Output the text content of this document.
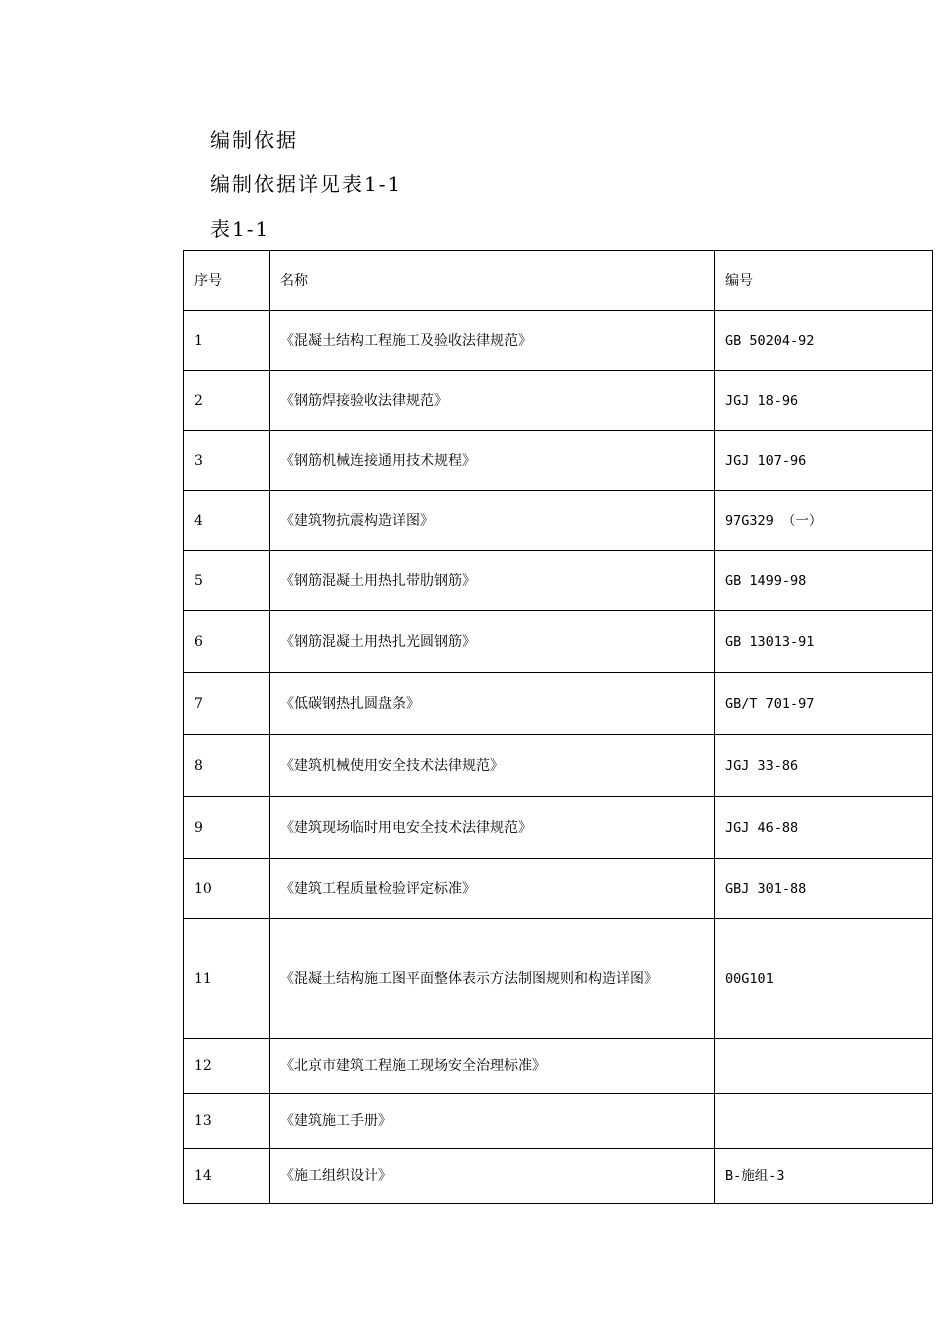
编制依据
编制依据详见表1-1
表1-1
序号	名称	编号
1	《混凝土结构工程施工及验收法律规范》	GB 50204-92
2	《钢筋焊接验收法律规范》	JGJ 18-96
3	《钢筋机械连接通用技术规程》	JGJ 107-96
4	《建筑物抗震构造详图》	97G329 （一）
5	《钢筋混凝土用热扎带肋钢筋》	GB 1499-98
6	《钢筋混凝土用热扎光圆钢筋》	GB 13013-91
7	《低碳钢热扎圆盘条》	GB/T 701-97
8	《建筑机械使用安全技术法律规范》	JGJ 33-86
9	《建筑现场临时用电安全技术法律规范》	JGJ 46-88
10	《建筑工程质量检验评定标准》	GBJ 301-88
11	《混凝土结构施工图平面整体表示方法制图规则和构造详图》	00G101
12	《北京市建筑工程施工现场安全治理标准》	
13	《建筑施工手册》	
14	《施工组织设计》	B-施组-3
